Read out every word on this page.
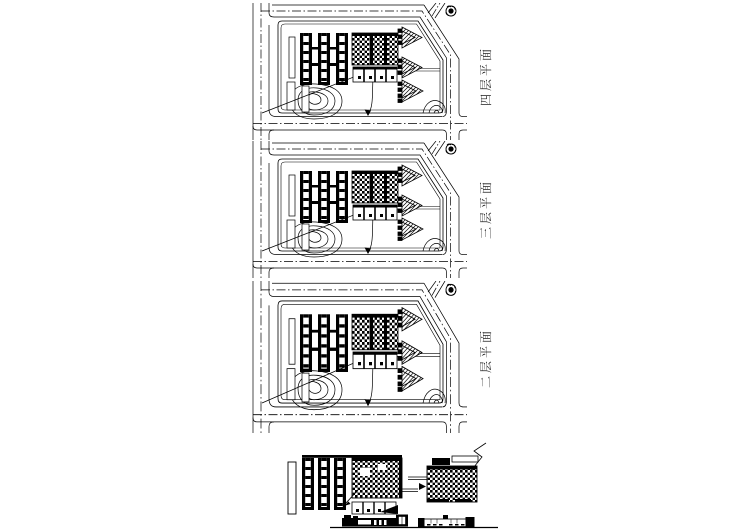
四层平面
三层平面
二层平面
